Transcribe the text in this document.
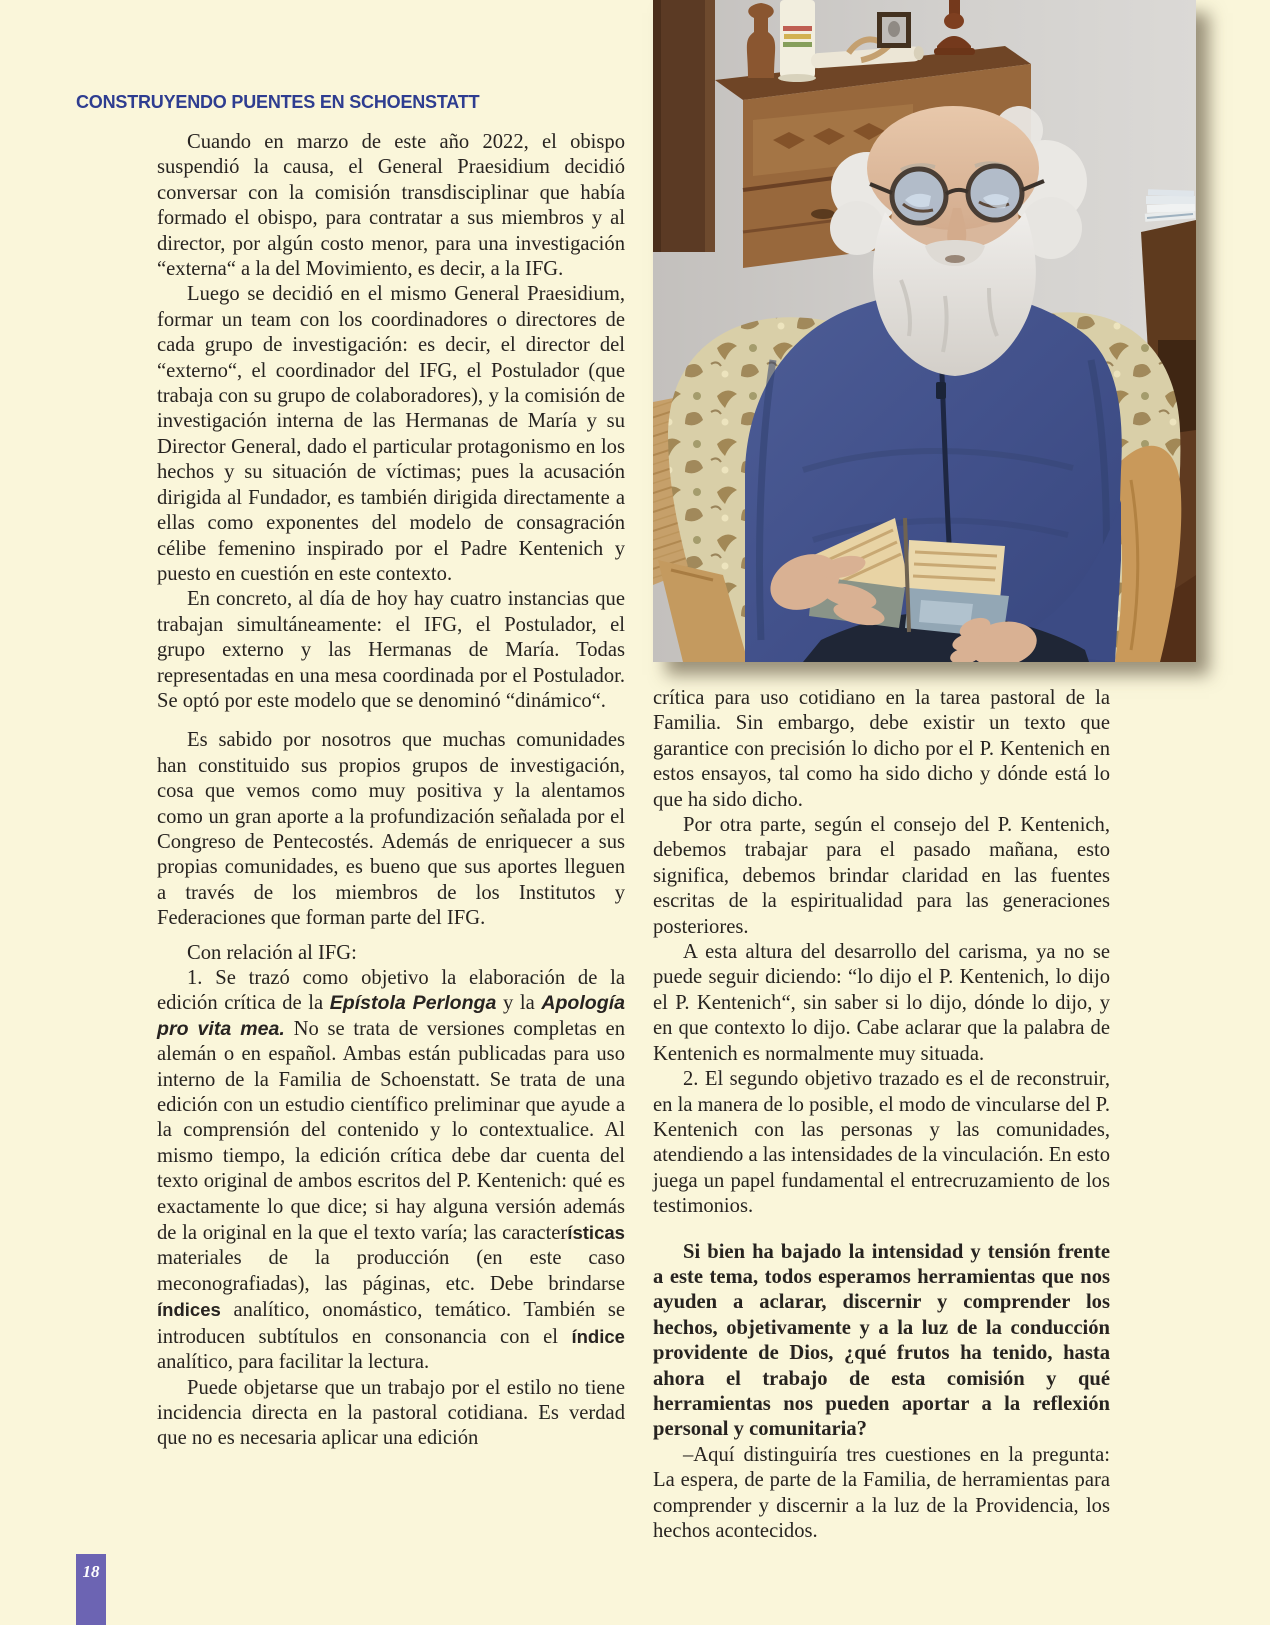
CONSTRUYENDO PUENTES EN SCHOENSTATT

Cuando en marzo de este año 2022, el obispo suspendió la causa, el General Praesidium decidió conversar con la comisión transdisciplinar que había formado el obispo, para contratar a sus miembros y al director, por algún costo menor, para una investigación “externa“ a la del Movimiento, es decir, a la IFG.

Luego se decidió en el mismo General Praesidium, formar un team con los coordinadores o directores de cada grupo de investigación: es decir, el director del “externo“, el coordinador del IFG, el Postulador (que trabaja con su grupo de colaboradores), y la comisión de investigación interna de las Hermanas de María y su Director General, dado el particular protagonismo en los hechos y su situación de víctimas; pues la acusación dirigida al Fundador, es también dirigida directamente a ellas como exponentes del modelo de consagración célibe femenino inspirado por el Padre Kentenich y puesto en cuestión en este contexto.

En concreto, al día de hoy hay cuatro instancias que trabajan simultáneamente: el IFG, el Postulador, el grupo externo y las Hermanas de María. Todas representadas en una mesa coordinada por el Postulador. Se optó por este modelo que se denominó “dinámico“.

Es sabido por nosotros que muchas comunidades han constituido sus propios grupos de investigación, cosa que vemos como muy positiva y la alentamos como un gran aporte a la profundización señalada por el Congreso de Pentecostés. Además de enriquecer a sus propias comunidades, es bueno que sus aportes lleguen a través de los miembros de los Institutos y Federaciones que forman parte del IFG.

Con relación al IFG:

1. Se trazó como objetivo la elaboración de la edición crítica de la Epístola Perlonga y la Apología pro vita mea. No se trata de versiones completas en alemán o en español. Ambas están publicadas para uso interno de la Familia de Schoenstatt. Se trata de una edición con un estudio científico preliminar que ayude a la comprensión del contenido y lo contextualice. Al mismo tiempo, la edición crítica debe dar cuenta del texto original de ambos escritos del P. Kentenich: qué es exactamente lo que dice; si hay alguna versión además de la original en la que el texto varía; las características materiales de la producción (en este caso meconografiadas), las páginas, etc. Debe brindarse índices analítico, onomástico, temático. También se introducen subtítulos en consonancia con el índice analítico, para facilitar la lectura.

Puede objetarse que un trabajo por el estilo no tiene incidencia directa en la pastoral cotidiana. Es verdad que no es necesaria aplicar una edición

crítica para uso cotidiano en la tarea pastoral de la Familia. Sin embargo, debe existir un texto que garantice con precisión lo dicho por el P. Kentenich en estos ensayos, tal como ha sido dicho y dónde está lo que ha sido dicho.

Por otra parte, según el consejo del P. Kentenich, debemos trabajar para el pasado mañana, esto significa, debemos brindar claridad en las fuentes escritas de la espiritualidad para las generaciones posteriores.

A esta altura del desarrollo del carisma, ya no se puede seguir diciendo: “lo dijo el P. Kentenich, lo dijo el P. Kentenich“, sin saber si lo dijo, dónde lo dijo, y en que contexto lo dijo. Cabe aclarar que la palabra de Kentenich es normalmente muy situada.

2. El segundo objetivo trazado es el de reconstruir, en la manera de lo posible, el modo de vincularse del P. Kentenich con las personas y las comunidades, atendiendo a las intensidades de la vinculación. En esto juega un papel fundamental el entrecruzamiento de los testimonios.

Si bien ha bajado la intensidad y tensión frente a este tema, todos esperamos herramientas que nos ayuden a aclarar, discernir y comprender los hechos, objetivamente y a la luz de la conducción providente de Dios, ¿qué frutos ha tenido, hasta ahora el trabajo de esta comisión y qué herramientas nos pueden aportar a la reflexión personal y comunitaria?

–Aquí distinguiría tres cuestiones en la pregunta: La espera, de parte de la Familia, de herramientas para comprender y discernir a la luz de la Providencia, los hechos acontecidos.

18
